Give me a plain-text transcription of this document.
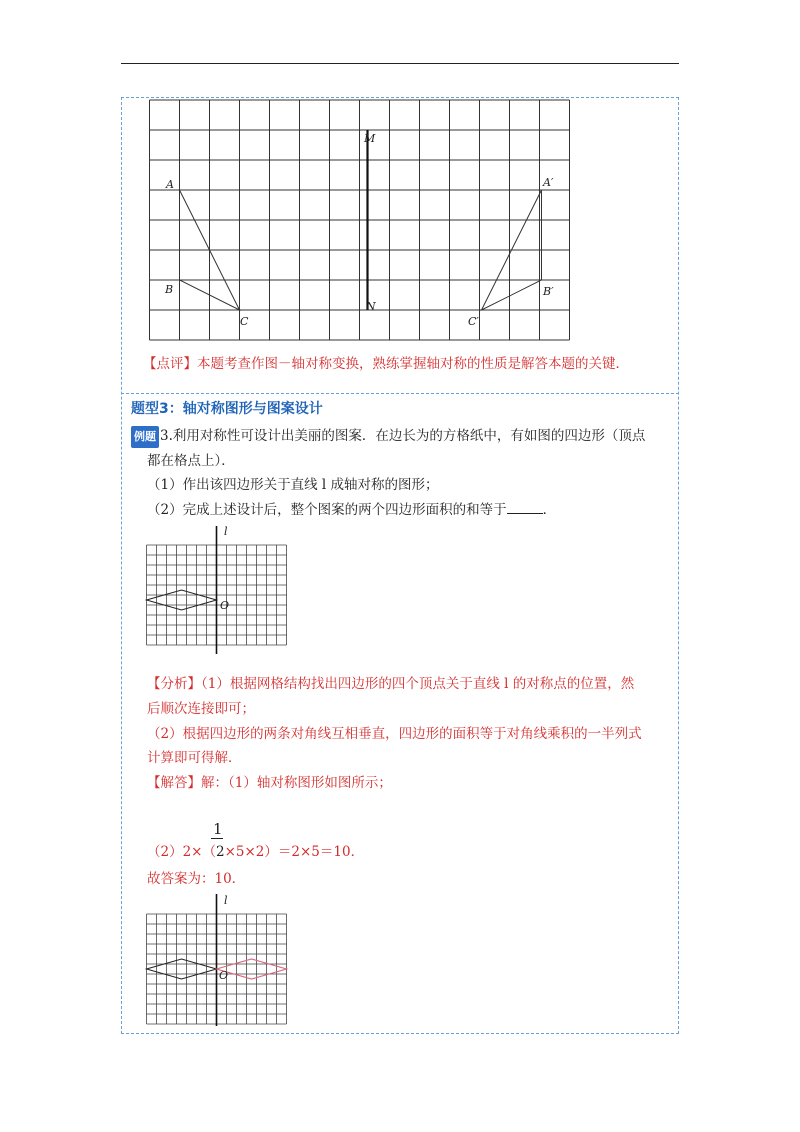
M
N
A
B
C
A′
B′
C′
【点评】本题考查作图－轴对称变换，熟练掌握轴对称的性质是解答本题的关键．
题型3：轴对称图形与图案设计
例题 3.利用对称性可设计出美丽的图案．在边长为的方格纸中，有如图的四边形（顶点
都在格点上）．
（1）作出该四边形关于直线 l 成轴对称的图形；
（2）完成上述设计后，整个图案的两个四边形面积的和等于	．
l
O
【分析】（1）根据网格结构找出四边形的四个顶点关于直线 l 的对称点的位置，然
后顺次连接即可；
（2）根据四边形的两条对角线互相垂直，四边形的面积等于对角线乘积的一半列式
计算即可得解．
【解答】解：（1）轴对称图形如图所示；
1
（2）2×（2×5×2）＝2×5＝10．
故答案为：10．
l
O
